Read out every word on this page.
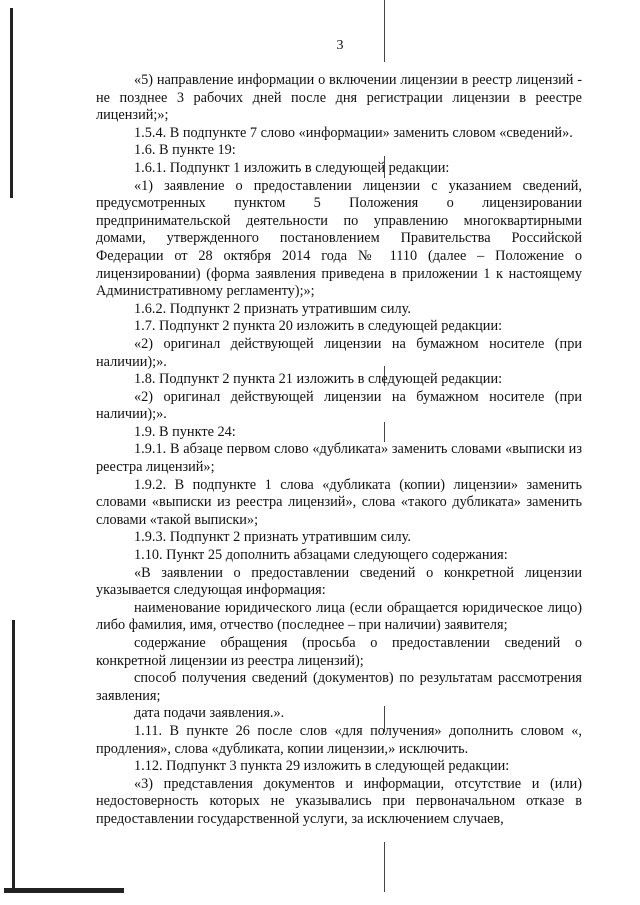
3

«5) направление информации о включении лицензии в реестр лицензий - не позднее 3 рабочих дней после дня регистрации лицензии в реестре лицензий;»;

1.5.4. В подпункте 7 слово «информации» заменить словом «сведений».

1.6. В пункте 19:

1.6.1. Подпункт 1 изложить в следующей редакции:

«1) заявление о предоставлении лицензии с указанием сведений, предусмотренных пунктом 5 Положения о лицензировании предпринимательской деятельности по управлению многоквартирными домами, утвержденного постановлением Правительства Российской Федерации от 28 октября 2014 года № 1110 (далее – Положение о лицензировании) (форма заявления приведена в приложении 1 к настоящему Административному регламенту);»;

1.6.2. Подпункт 2 признать утратившим силу.

1.7. Подпункт 2 пункта 20 изложить в следующей редакции:

«2) оригинал действующей лицензии на бумажном носителе (при наличии);».

1.8. Подпункт 2 пункта 21 изложить в следующей редакции:

«2) оригинал действующей лицензии на бумажном носителе (при наличии);».

1.9. В пункте 24:

1.9.1. В абзаце первом слово «дубликата» заменить словами «выписки из реестра лицензий»;

1.9.2. В подпункте 1 слова «дубликата (копии) лицензии» заменить словами «выписки из реестра лицензий», слова «такого дубликата» заменить словами «такой выписки»;

1.9.3. Подпункт 2 признать утратившим силу.

1.10. Пункт 25 дополнить абзацами следующего содержания:

«В заявлении о предоставлении сведений о конкретной лицензии указывается следующая информация:

наименование юридического лица (если обращается юридическое лицо) либо фамилия, имя, отчество (последнее – при наличии) заявителя;

содержание обращения (просьба о предоставлении сведений о конкретной лицензии из реестра лицензий);

способ получения сведений (документов) по результатам рассмотрения заявления;

дата подачи заявления.».

1.11. В пункте 26 после слов «для получения» дополнить словом «, продления», слова «дубликата, копии лицензии,» исключить.

1.12. Подпункт 3 пункта 29 изложить в следующей редакции:

«3) представления документов и информации, отсутствие и (или) недостоверность которых не указывались при первоначальном отказе в предоставлении государственной услуги, за исключением случаев,
